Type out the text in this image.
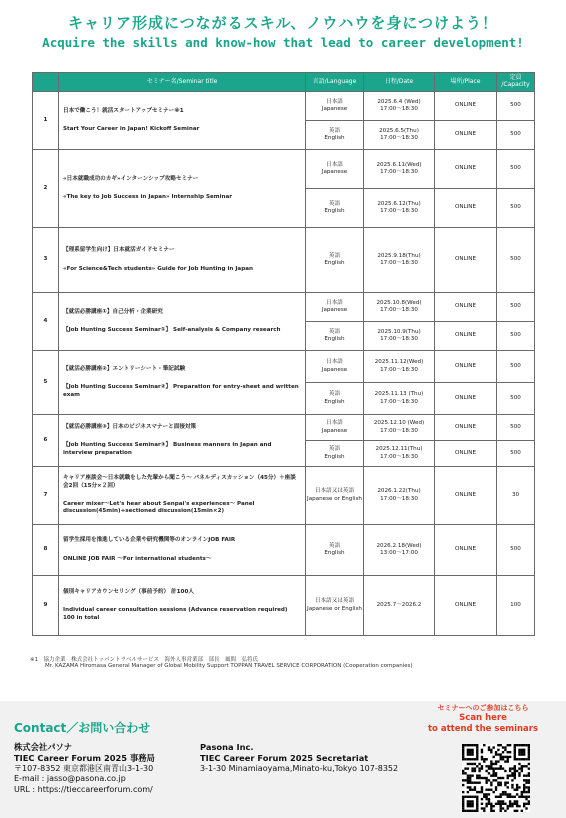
キャリア形成につながるスキル、ノウハウを身につけよう！
Acquire the skills and know-how that lead to career development!
	セミナー名/Seminar title	言語/Language	日程/Date	場所/Place	定員
/Capacity
1	日本で働こう！就活スタートアップセミナー※1
Start Your Career in Japan! Kickoff Seminar	日本語
Japanese	2025.6.4 (Wed)
17:00～18:30	ONLINE	500

		英語
English	2025.6.5(Thu)
17:00～18:30	ONLINE	500
2	«日本就職成功のカギ»インターンシップ攻略セミナー
«The key to Job Success in Japan» Internship Seminar	日本語
Japanese	2025.6.11(Wed)
17:00～18:30	ONLINE	500

		英語
English	2025.6.12(Thu)
17:00～18:30	ONLINE	500
3	【理系留学生向け】日本就活ガイドセミナー
«For Science&Tech students» Guide for Job Hunting in Japan	英語
English	2025.9.18(Thu)
17:00～18:30	ONLINE	500
4	【就活必勝講座①】自己分析・企業研究
【Job Hunting Success Seminar①】 Self-analysis & Company research	日本語
Japanese	2025.10.8(Wed)
17:00～18:30	ONLINE	500

		英語
English	2025.10.9(Thu)
17:00～18:30	ONLINE	500
5	【就活必勝講座②】エントリーシート・筆記試験
【Job Hunting Success Seminar②】 Preparation for entry-sheet and written exam	日本語
Japanese	2025.11.12(Wed)
17:00～18:30	ONLINE	500

		英語
English	2025.11.13 (Thu)
17:00～18:30	ONLINE	500
6	【就活必勝講座③】日本のビジネスマナーと面接対策
【Job Hunting Success Seminar③】 Business manners in Japan and interview preparation	日本語
Japanese	2025.12.10 (Wed)
17:00～18:30	ONLINE	500

		英語
English	2025.12.11(Thu)
17:00～18:30	ONLINE	500
7	キャリア座談会～日本就職をした先輩から聞こう～ パネルディスカッション（45分）＋座談会2回（15分×２回）
Career mixer～Let's hear about Senpai's experiences～ Panel discussion(45min)+sectioned discussion(15min×2)	日本語又は英語
Japanese or English	2026.1.22(Thu)
17:00～18:30	ONLINE	30
8	留学生採用を推進している企業や研究機関等のオンラインJOB FAIR
ONLINE JOB FAIR ～For international students～	英語
English	2026.2.18(Wed)
13:00～17:00	ONLINE	500
9	個別キャリアカウンセリング（事前予約） 計100人
Individual career consultation sessions (Advance reservation required) 100 in total	日本語又は英語
Japanese or English	2025.7～2026.2	ONLINE	100
※1　協力企業　株式会社トッパントラベルサービス　海外人事営業部　部長　風間　弘将氏
Mr. KAZAMA Hiromasa General Manager of Global Mobility Support TOPPAN TRAVEL SERVICE CORPORATION (Cooperation companies)
Contact／お問い合わせ
株式会社パソナ
TIEC Career Forum 2025 事務局
〒107-8352 東京都港区南青山3-1-30
E-mail : jasso@pasona.co.jp
URL : https://tieccareerforum.com/
Pasona Inc.
TIEC Career Forum 2025 Secretariat
3-1-30 Minamiaoyama,Minato-ku,Tokyo 107-8352
セミナーへのご参加はこちら
Scan here
to attend the seminars
